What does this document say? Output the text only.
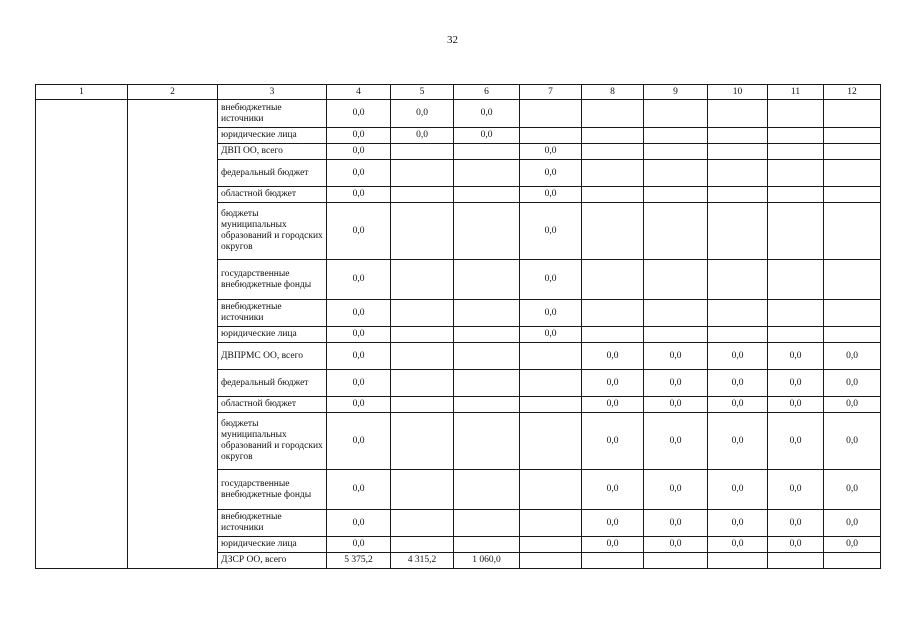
32
1	2	3	4	5	6	7	8	9	10	11	12
		внебюджетные источники	0,0	0,0	0,0						
		юридические лица	0,0	0,0	0,0						
		ДВП ОО, всего	0,0			0,0					
		федеральный бюджет	0,0			0,0					
		областной бюджет	0,0			0,0					
		бюджеты муниципальных образований и городских округов	0,0			0,0					
		государственные внебюджетные фонды	0,0			0,0					
		внебюджетные источники	0,0			0,0					
		юридические лица	0,0			0,0					
		ДВПРМС ОО, всего	0,0				0,0	0,0	0,0	0,0	0,0
		федеральный бюджет	0,0				0,0	0,0	0,0	0,0	0,0
		областной бюджет	0,0				0,0	0,0	0,0	0,0	0,0
		бюджеты муниципальных образований и городских округов	0,0				0,0	0,0	0,0	0,0	0,0
		государственные внебюджетные фонды	0,0				0,0	0,0	0,0	0,0	0,0
		внебюджетные источники	0,0				0,0	0,0	0,0	0,0	0,0
		юридические лица	0,0				0,0	0,0	0,0	0,0	0,0
		ДЗСР ОО, всего	5 375,2	4 315,2	1 060,0						
